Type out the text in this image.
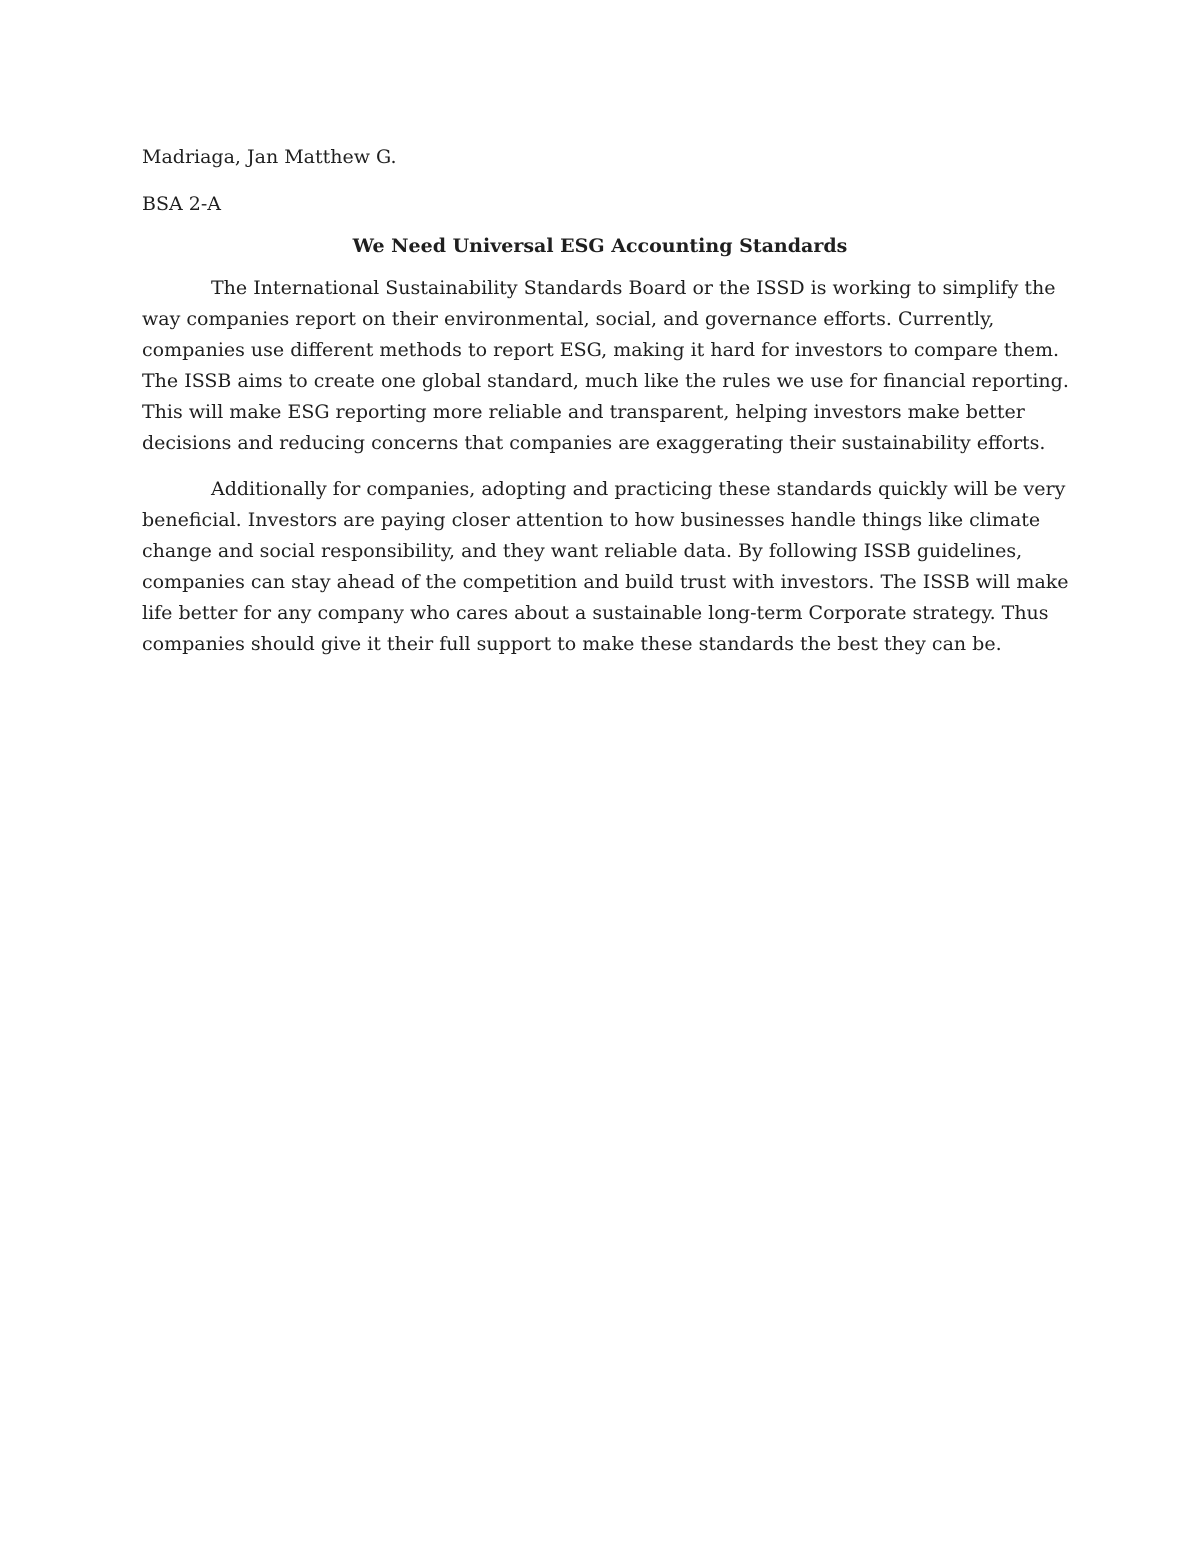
Madriaga, Jan Matthew G.

BSA 2-A

We Need Universal ESG Accounting Standards

The International Sustainability Standards Board or the ISSD is working to simplify the
way companies report on their environmental, social, and governance efforts. Currently,
companies use different methods to report ESG, making it hard for investors to compare them.
The ISSB aims to create one global standard, much like the rules we use for financial reporting.
This will make ESG reporting more reliable and transparent, helping investors make better
decisions and reducing concerns that companies are exaggerating their sustainability efforts.

Additionally for companies, adopting and practicing these standards quickly will be very
beneficial. Investors are paying closer attention to how businesses handle things like climate
change and social responsibility, and they want reliable data. By following ISSB guidelines,
companies can stay ahead of the competition and build trust with investors. The ISSB will make
life better for any company who cares about a sustainable long-term Corporate strategy. Thus
companies should give it their full support to make these standards the best they can be.
